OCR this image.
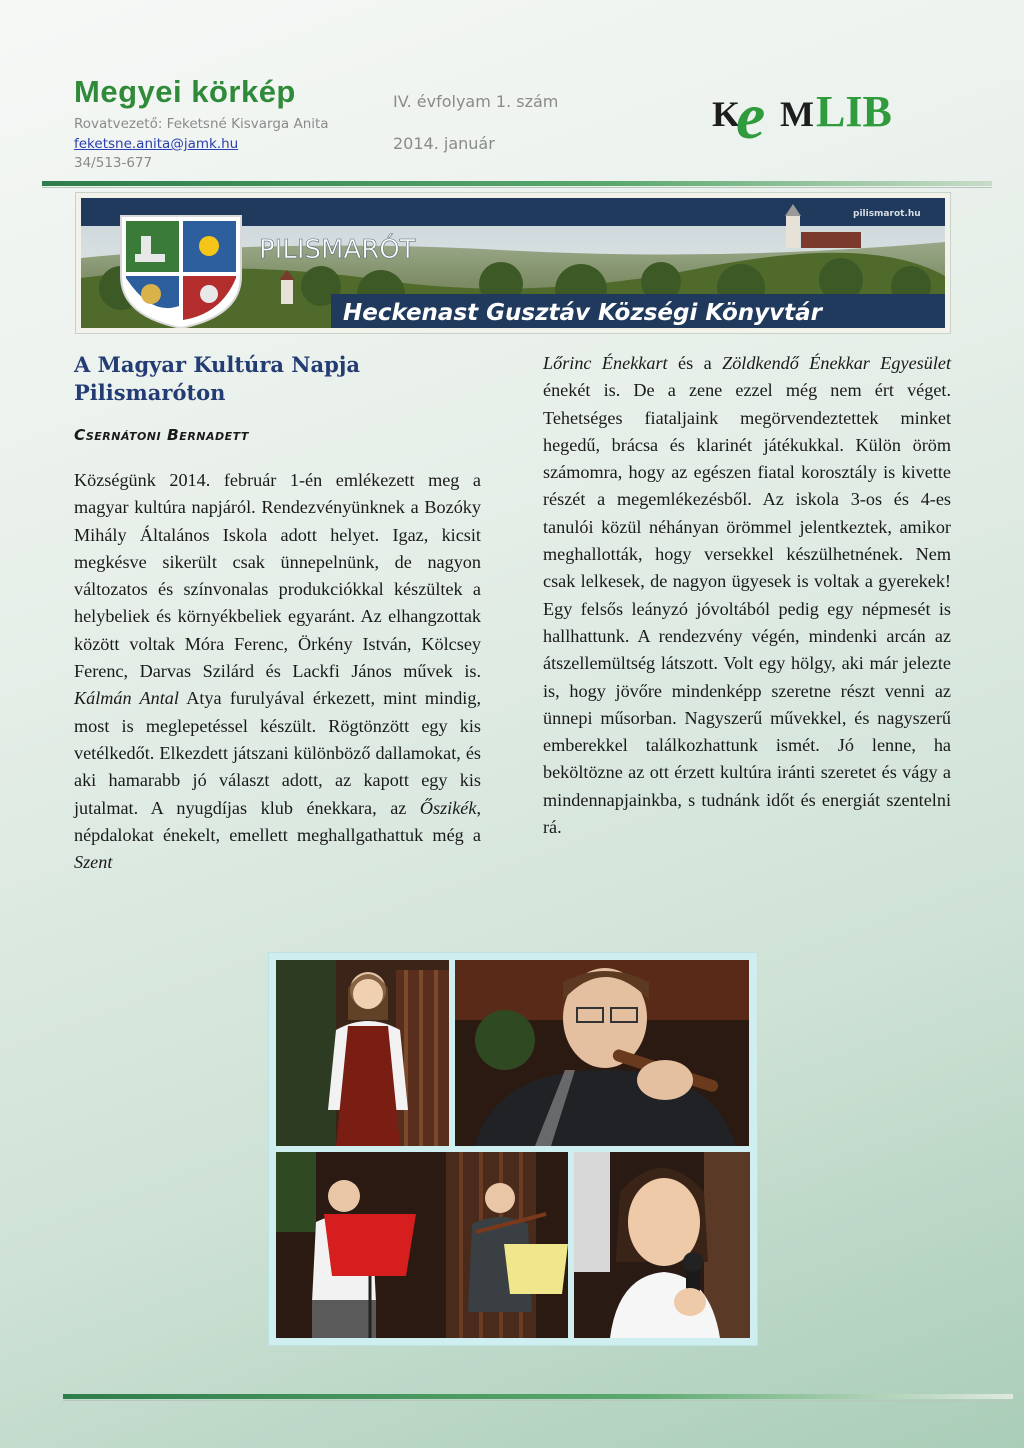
Megyei körkép
Rovatvezető: Feketsné Kisvarga Anita
feketsne.anita@jamk.hu
34/513-677
IV. évfolyam 1. szám
2014. január
K
e M LIB
pilismarot.hu
PILISMARÓT
Heckenast Gusztáv Községi Könyvtár
A Magyar Kultúra Napja
Pilismaróton
Csernátoni Bernadett
Községünk 2014. február 1-én emlékezett meg a magyar kultúra napjáról. Rendezvényünknek a Bozóky Mihály Általános Iskola adott helyet. Igaz, kicsit megkésve sikerült csak ünnepelnünk, de nagyon változatos és színvonalas produkciókkal készültek a helybeliek és környékbeliek egyaránt. Az elhangzottak között voltak Móra Ferenc, Örkény István, Kölcsey Ferenc, Darvas Szilárd és Lackfi János művek is. Kálmán Antal Atya furulyával érkezett, mint mindig, most is meglepetéssel készült. Rögtönzött egy kis vetélkedőt. Elkezdett játszani különböző dallamokat, és aki hamarabb jó választ adott, az kapott egy kis jutalmat. A nyugdíjas klub énekkara, az Őszikék, népdalokat énekelt, emellett meghallgathattuk még a Szent
Lőrinc Énekkart és a Zöldkendő Énekkar Egyesület énekét is. De a zene ezzel még nem ért véget. Tehetséges fiataljaink megörvendeztettek minket hegedű, brácsa és klarinét játékukkal. Külön öröm számomra, hogy az egészen fiatal korosztály is kivette részét a megemlékezésből. Az iskola 3-os és 4-es tanulói közül néhányan örömmel jelentkeztek, amikor meghallották, hogy versekkel készülhetnének. Nem csak lelkesek, de nagyon ügyesek is voltak a gyerekek! Egy felsős leányzó jóvoltából pedig egy népmesét is hallhattunk. A rendezvény végén, mindenki arcán az átszellemültség látszott. Volt egy hölgy, aki már jelezte is, hogy jövőre mindenképp szeretne részt venni az ünnepi műsorban. Nagyszerű művekkel, és nagyszerű emberekkel találkozhattunk ismét. Jó lenne, ha beköltözne az ott érzett kultúra iránti szeretet és vágy a mindennapjainkba, s tudnánk időt és energiát szentelni rá.
